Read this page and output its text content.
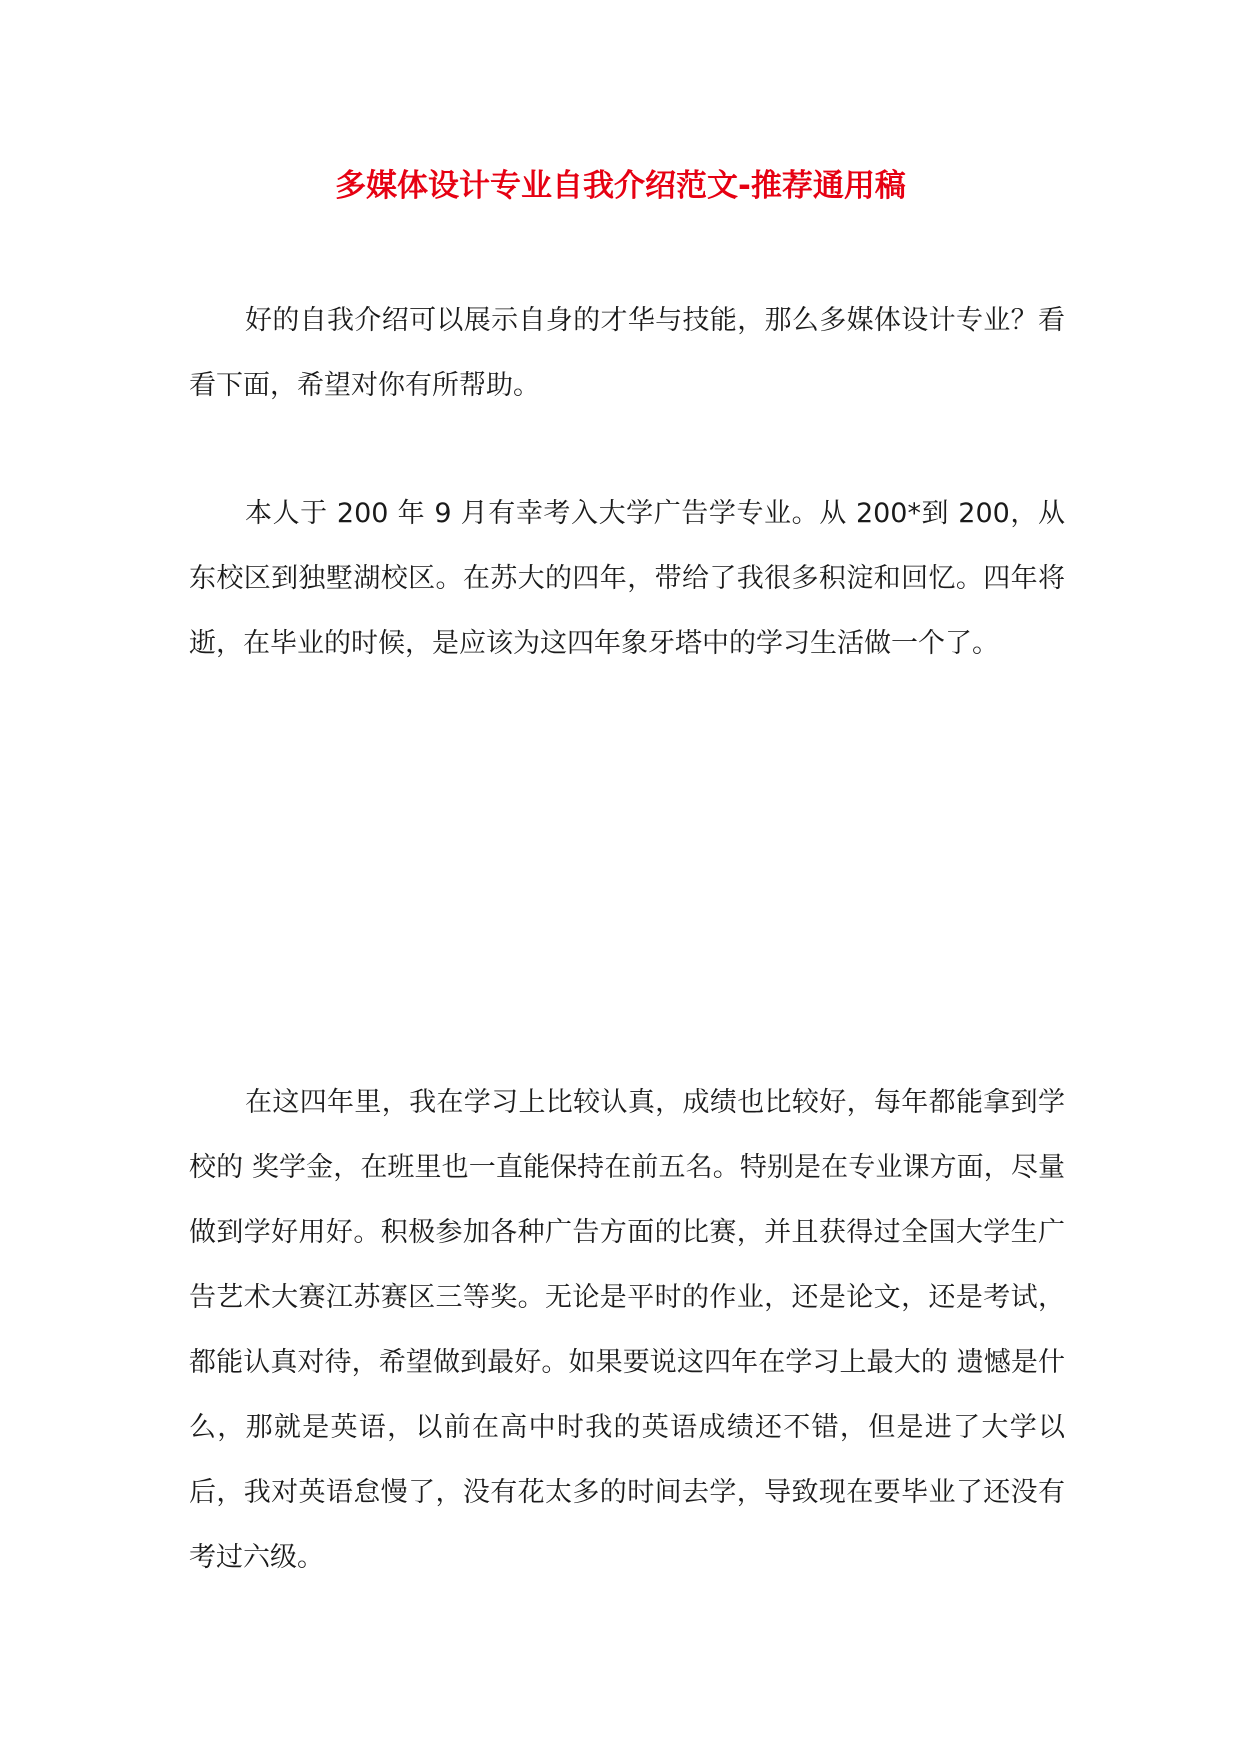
多媒体设计专业自我介绍范文-推荐通用稿

好的自我介绍可以展示自身的才华与技能，那么多媒体设计专业？看看下面，希望对你有所帮助。

本人于 200 年 9 月有幸考入大学广告学专业。从 200*到 200，从东校区到独墅湖校区。在苏大的四年，带给了我很多积淀和回忆。四年将逝，在毕业的时候，是应该为这四年象牙塔中的学习生活做一个了。

在这四年里，我在学习上比较认真，成绩也比较好，每年都能拿到学校的 奖学金，在班里也一直能保持在前五名。特别是在专业课方面，尽量做到学好用好。积极参加各种广告方面的比赛，并且获得过全国大学生广告艺术大赛江苏赛区三等奖。无论是平时的作业，还是论文，还是考试，都能认真对待，希望做到最好。如果要说这四年在学习上最大的 遗憾是什么，那就是英语，以前在高中时我的英语成绩还不错，但是进了大学以后，我对英语怠慢了，没有花太多的时间去学，导致现在要毕业了还没有考过六级。
